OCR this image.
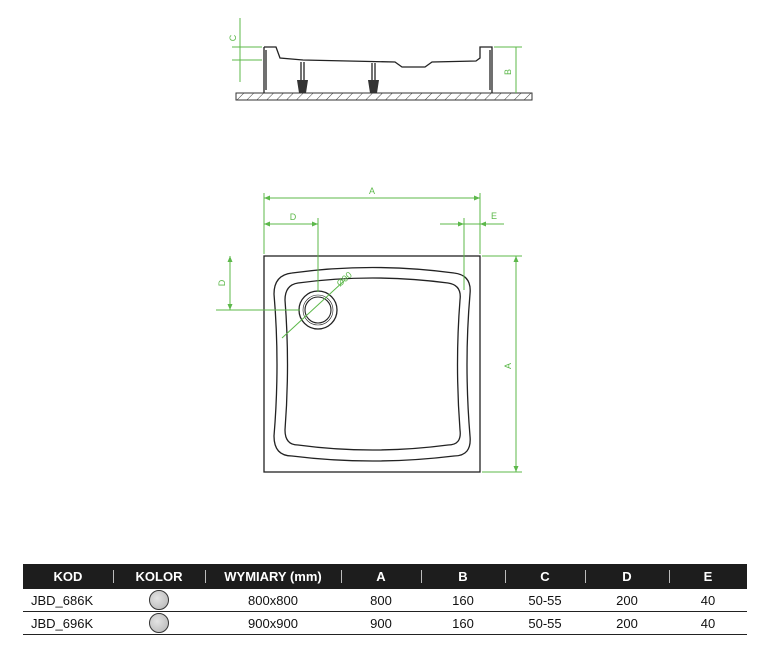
C
B
Ø90
A
D	E
D
A
KOD	KOLOR	WYMIARY (mm)	A	B	C	D	E
JBD_686K		800x800	800	160	50-55	200	40
JBD_696K		900x900	900	160	50-55	200	40
